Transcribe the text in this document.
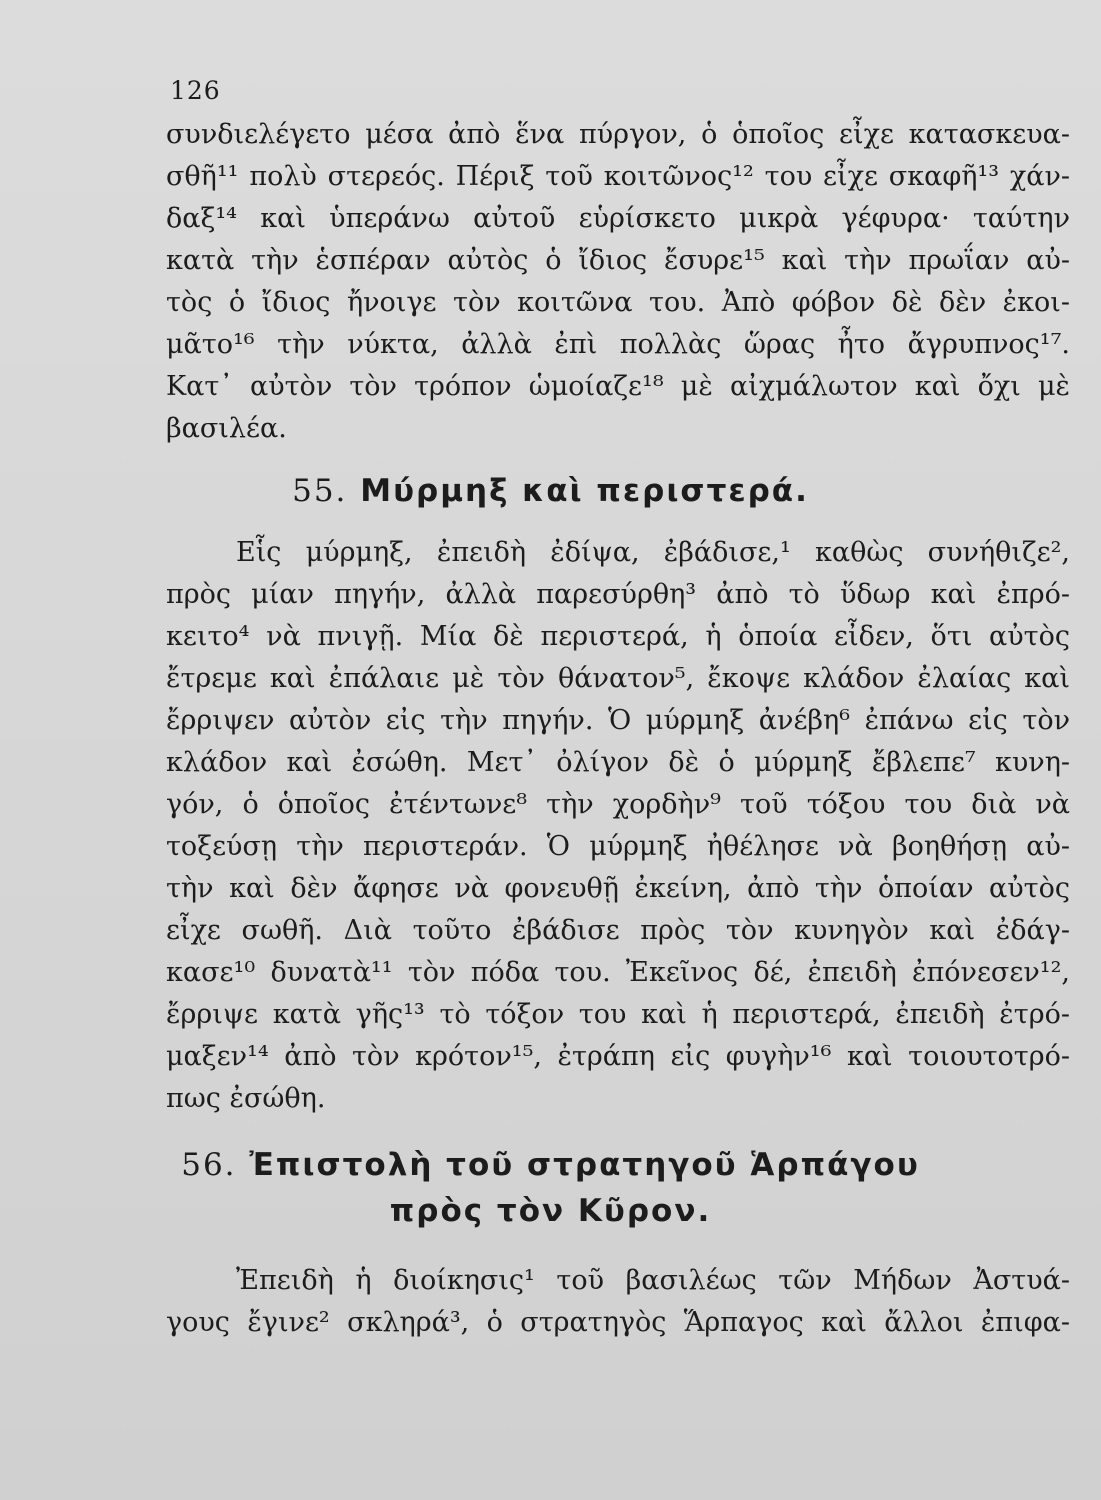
126
συνδιελέγετο μέσα ἀπὸ ἕνα πύργον, ὁ ὁποῖος εἶχε κατασκευα-
σθῆ¹¹ πολὺ στερεός. Πέριξ τοῦ κοιτῶνος¹² του εἶχε σκαφῆ¹³ χάν-
δαξ¹⁴ καὶ ὑπεράνω αὐτοῦ εὑρίσκετο μικρὰ γέφυρα· ταύτην
κατὰ τὴν ἑσπέραν αὐτὸς ὁ ἴδιος ἔσυρε¹⁵ καὶ τὴν πρωΐαν αὐ-
τὸς ὁ ἴδιος ἤνοιγε τὸν κοιτῶνα του. Ἀπὸ φόβον δὲ δὲν ἐκοι-
μᾶτο¹⁶ τὴν νύκτα, ἀλλὰ ἐπὶ πολλὰς ὥρας ἦτο ἄγρυπνος¹⁷.
Κατ᾽ αὐτὸν τὸν τρόπον ὡμοίαζε¹⁸ μὲ αἰχμάλωτον καὶ ὄχι μὲ
βασιλέα.
55. Μύρμηξ καὶ περιστερά.
Εἷς μύρμηξ, ἐπειδὴ ἐδίψα, ἐβάδισε,¹ καθὼς συνήθιζε²,
πρὸς μίαν πηγήν, ἀλλὰ παρεσύρθη³ ἀπὸ τὸ ὕδωρ καὶ ἐπρό-
κειτο⁴ νὰ πνιγῇ. Μία δὲ περιστερά, ἡ ὁποία εἶδεν, ὅτι αὐτὸς
ἔτρεμε καὶ ἐπάλαιε μὲ τὸν θάνατον⁵, ἔκοψε κλάδον ἐλαίας καὶ
ἔρριψεν αὐτὸν εἰς τὴν πηγήν. Ὁ μύρμηξ ἀνέβη⁶ ἐπάνω εἰς τὸν
κλάδον καὶ ἐσώθη. Μετ᾽ ὀλίγον δὲ ὁ μύρμηξ ἔβλεπε⁷ κυνη-
γόν, ὁ ὁποῖος ἐτέντωνε⁸ τὴν χορδὴν⁹ τοῦ τόξου του διὰ νὰ
τοξεύσῃ τὴν περιστεράν. Ὁ μύρμηξ ἠθέλησε νὰ βοηθήσῃ αὐ-
τὴν καὶ δὲν ἄφησε νὰ φονευθῇ ἐκείνη, ἀπὸ τὴν ὁποίαν αὐτὸς
εἶχε σωθῆ. Διὰ τοῦτο ἐβάδισε πρὸς τὸν κυνηγὸν καὶ ἐδάγ-
κασε¹⁰ δυνατὰ¹¹ τὸν πόδα του. Ἐκεῖνος δέ, ἐπειδὴ ἐπόνεσεν¹²,
ἔρριψε κατὰ γῆς¹³ τὸ τόξον του καὶ ἡ περιστερά, ἐπειδὴ ἐτρό-
μαξεν¹⁴ ἀπὸ τὸν κρότον¹⁵, ἐτράπη εἰς φυγὴν¹⁶ καὶ τοιουτοτρό-
πως ἐσώθη.
56. Ἐπιστολὴ τοῦ στρατηγοῦ Ἁρπάγου
πρὸς τὸν Κῦρον.
Ἐπειδὴ ἡ διοίκησις¹ τοῦ βασιλέως τῶν Μήδων Ἀστυά-
γους ἔγινε² σκληρά³, ὁ στρατηγὸς Ἅρπαγος καὶ ἄλλοι ἐπιφα-
